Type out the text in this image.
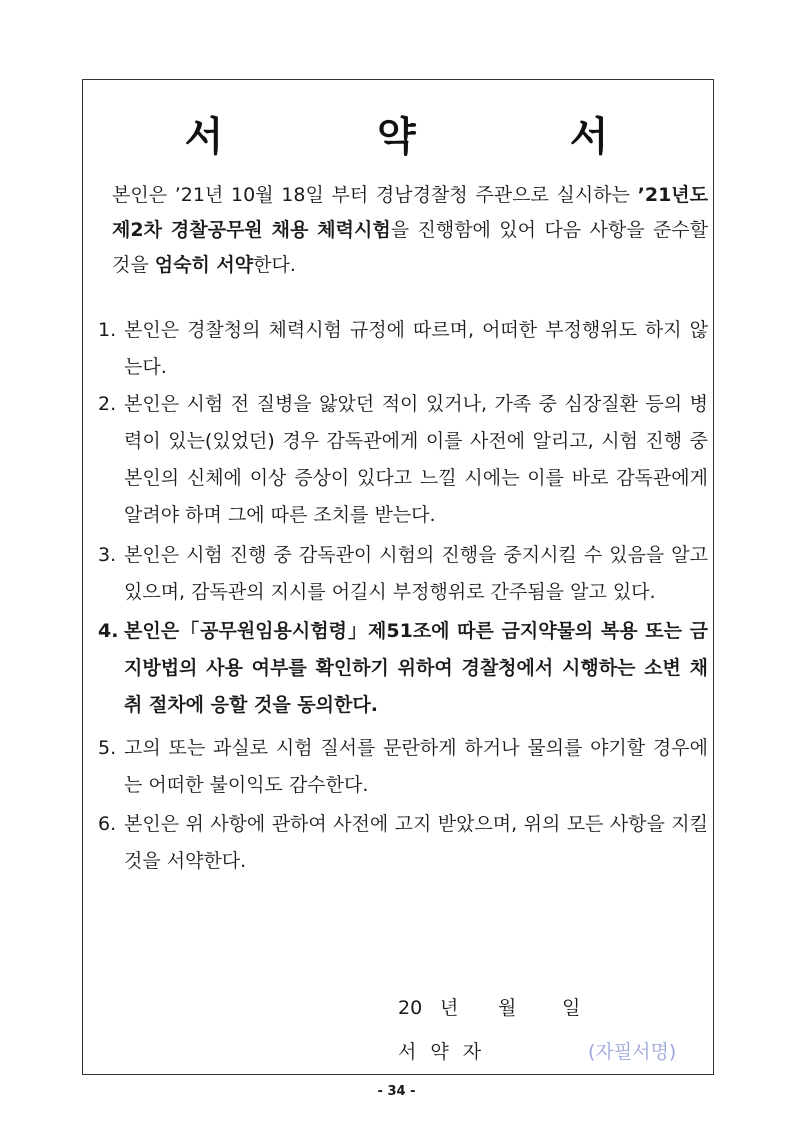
서 약 서
본인은 ’21년 10월 18일 부터 경남경찰청 주관으로 실시하는 ’21년도 제2차 경찰공무원 채용 체력시험을 진행함에 있어 다음 사항을 준수할 것을 엄숙히 서약한다.
1. 본인은 경찰청의 체력시험 규정에 따르며, 어떠한 부정행위도 하지 않는다.
2. 본인은 시험 전 질병을 앓았던 적이 있거나, 가족 중 심장질환 등의 병력이 있는(있었던) 경우 감독관에게 이를 사전에 알리고, 시험 진행 중 본인의 신체에 이상 증상이 있다고 느낄 시에는 이를 바로 감독관에게 알려야 하며 그에 따른 조치를 받는다.
3. 본인은 시험 진행 중 감독관이 시험의 진행을 중지시킬 수 있음을 알고 있으며, 감독관의 지시를 어길시 부정행위로 간주됨을 알고 있다.
4. 본인은「공무원임용시험령」제51조에 따른 금지약물의 복용 또는 금지방법의 사용 여부를 확인하기 위하여 경찰청에서 시행하는 소변 채취 절차에 응할 것을 동의한다.
5. 고의 또는 과실로 시험 질서를 문란하게 하거나 물의를 야기할 경우에는 어떠한 불이익도 감수한다.
6. 본인은 위 사항에 관하여 사전에 고지 받았으며, 위의 모든 사항을 지킬 것을 서약한다.
20 년 월 일
서 약 자	(자필서명)
- 34 -
